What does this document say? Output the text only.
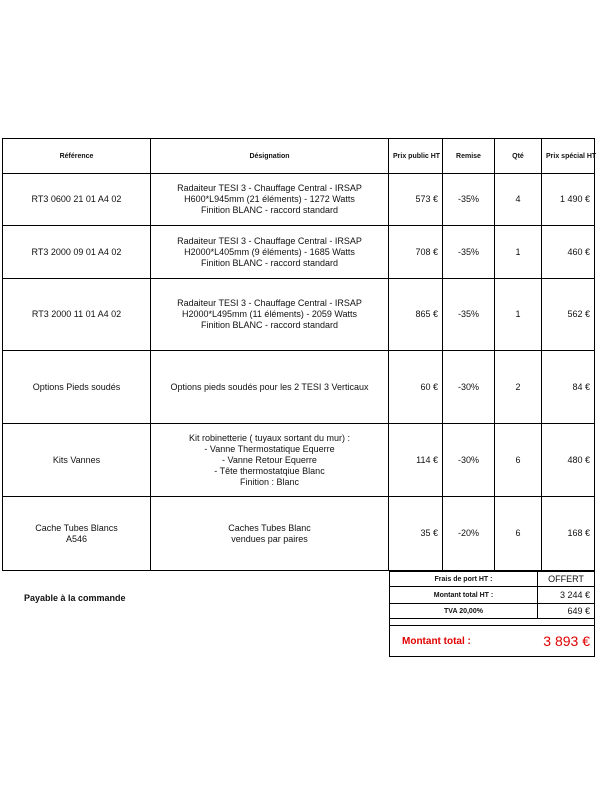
Référence	Désignation	Prix public HT	Remise	Qté	Prix spécial HT
RT3 0600 21 01 A4 02	Radaiteur TESI 3 - Chauffage Central - IRSAP
H600*L945mm (21 éléments) - 1272 Watts
Finition BLANC - raccord standard	573 €	-35%	4	1 490 €
RT3 2000 09 01 A4 02	Radaiteur TESI 3 - Chauffage Central - IRSAP
H2000*L405mm (9 éléments) - 1685 Watts
Finition BLANC - raccord standard	708 €	-35%	1	460 €
RT3 2000 11 01 A4 02	Radaiteur TESI 3 - Chauffage Central - IRSAP
H2000*L495mm (11 éléments) - 2059 Watts
Finition BLANC - raccord standard	865 €	-35%	1	562 €
Options Pieds soudés	Options pieds soudés pour les 2 TESI 3 Verticaux	60 €	-30%	2	84 €
Kits Vannes	Kit robinetterie ( tuyaux sortant du mur) :
- Vanne Thermostatique Equerre
- Vanne Retour Equerre
- Tête thermostatqiue Blanc
Finition : Blanc	114 €	-30%	6	480 €
Cache Tubes Blancs
A546	Caches Tubes Blanc
vendues par paires	35 €	-20%	6	168 €
Payable à la commande
Frais de port HT :	OFFERT
Montant total HT :	3 244 €
TVA 20,00%	649 €

Montant total :	3 893 €
